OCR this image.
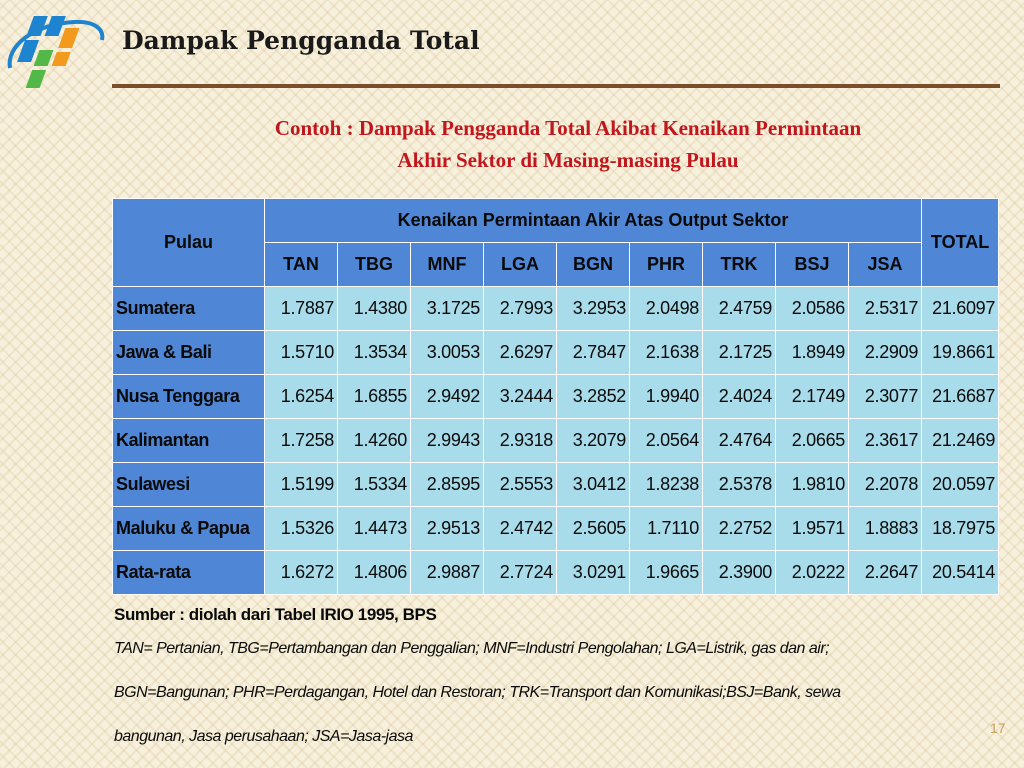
Dampak Pengganda Total
Contoh : Dampak Pengganda Total Akibat Kenaikan Permintaan
Akhir Sektor di Masing-masing Pulau
Pulau	Kenaikan Permintaan Akir Atas Output Sektor									TOTAL
	TAN	TBG	MNF	LGA	BGN	PHR	TRK	BSJ	JSA	
Sumatera	1.7887	1.4380	3.1725	2.7993	3.2953	2.0498	2.4759	2.0586	2.5317	21.6097
Jawa & Bali	1.5710	1.3534	3.0053	2.6297	2.7847	2.1638	2.1725	1.8949	2.2909	19.8661
Nusa Tenggara	1.6254	1.6855	2.9492	3.2444	3.2852	1.9940	2.4024	2.1749	2.3077	21.6687
Kalimantan	1.7258	1.4260	2.9943	2.9318	3.2079	2.0564	2.4764	2.0665	2.3617	21.2469
Sulawesi	1.5199	1.5334	2.8595	2.5553	3.0412	1.8238	2.5378	1.9810	2.2078	20.0597
Maluku & Papua	1.5326	1.4473	2.9513	2.4742	2.5605	1.7110	2.2752	1.9571	1.8883	18.7975
Rata-rata	1.6272	1.4806	2.9887	2.7724	3.0291	1.9665	2.3900	2.0222	2.2647	20.5414
Sumber : diolah dari Tabel IRIO 1995, BPS
TAN= Pertanian, TBG=Pertambangan dan Penggalian; MNF=Industri Pengolahan; LGA=Listrik, gas dan air;
BGN=Bangunan; PHR=Perdagangan, Hotel dan Restoran; TRK=Transport dan Komunikasi;BSJ=Bank, sewa
bangunan, Jasa perusahaan; JSA=Jasa-jasa	17
